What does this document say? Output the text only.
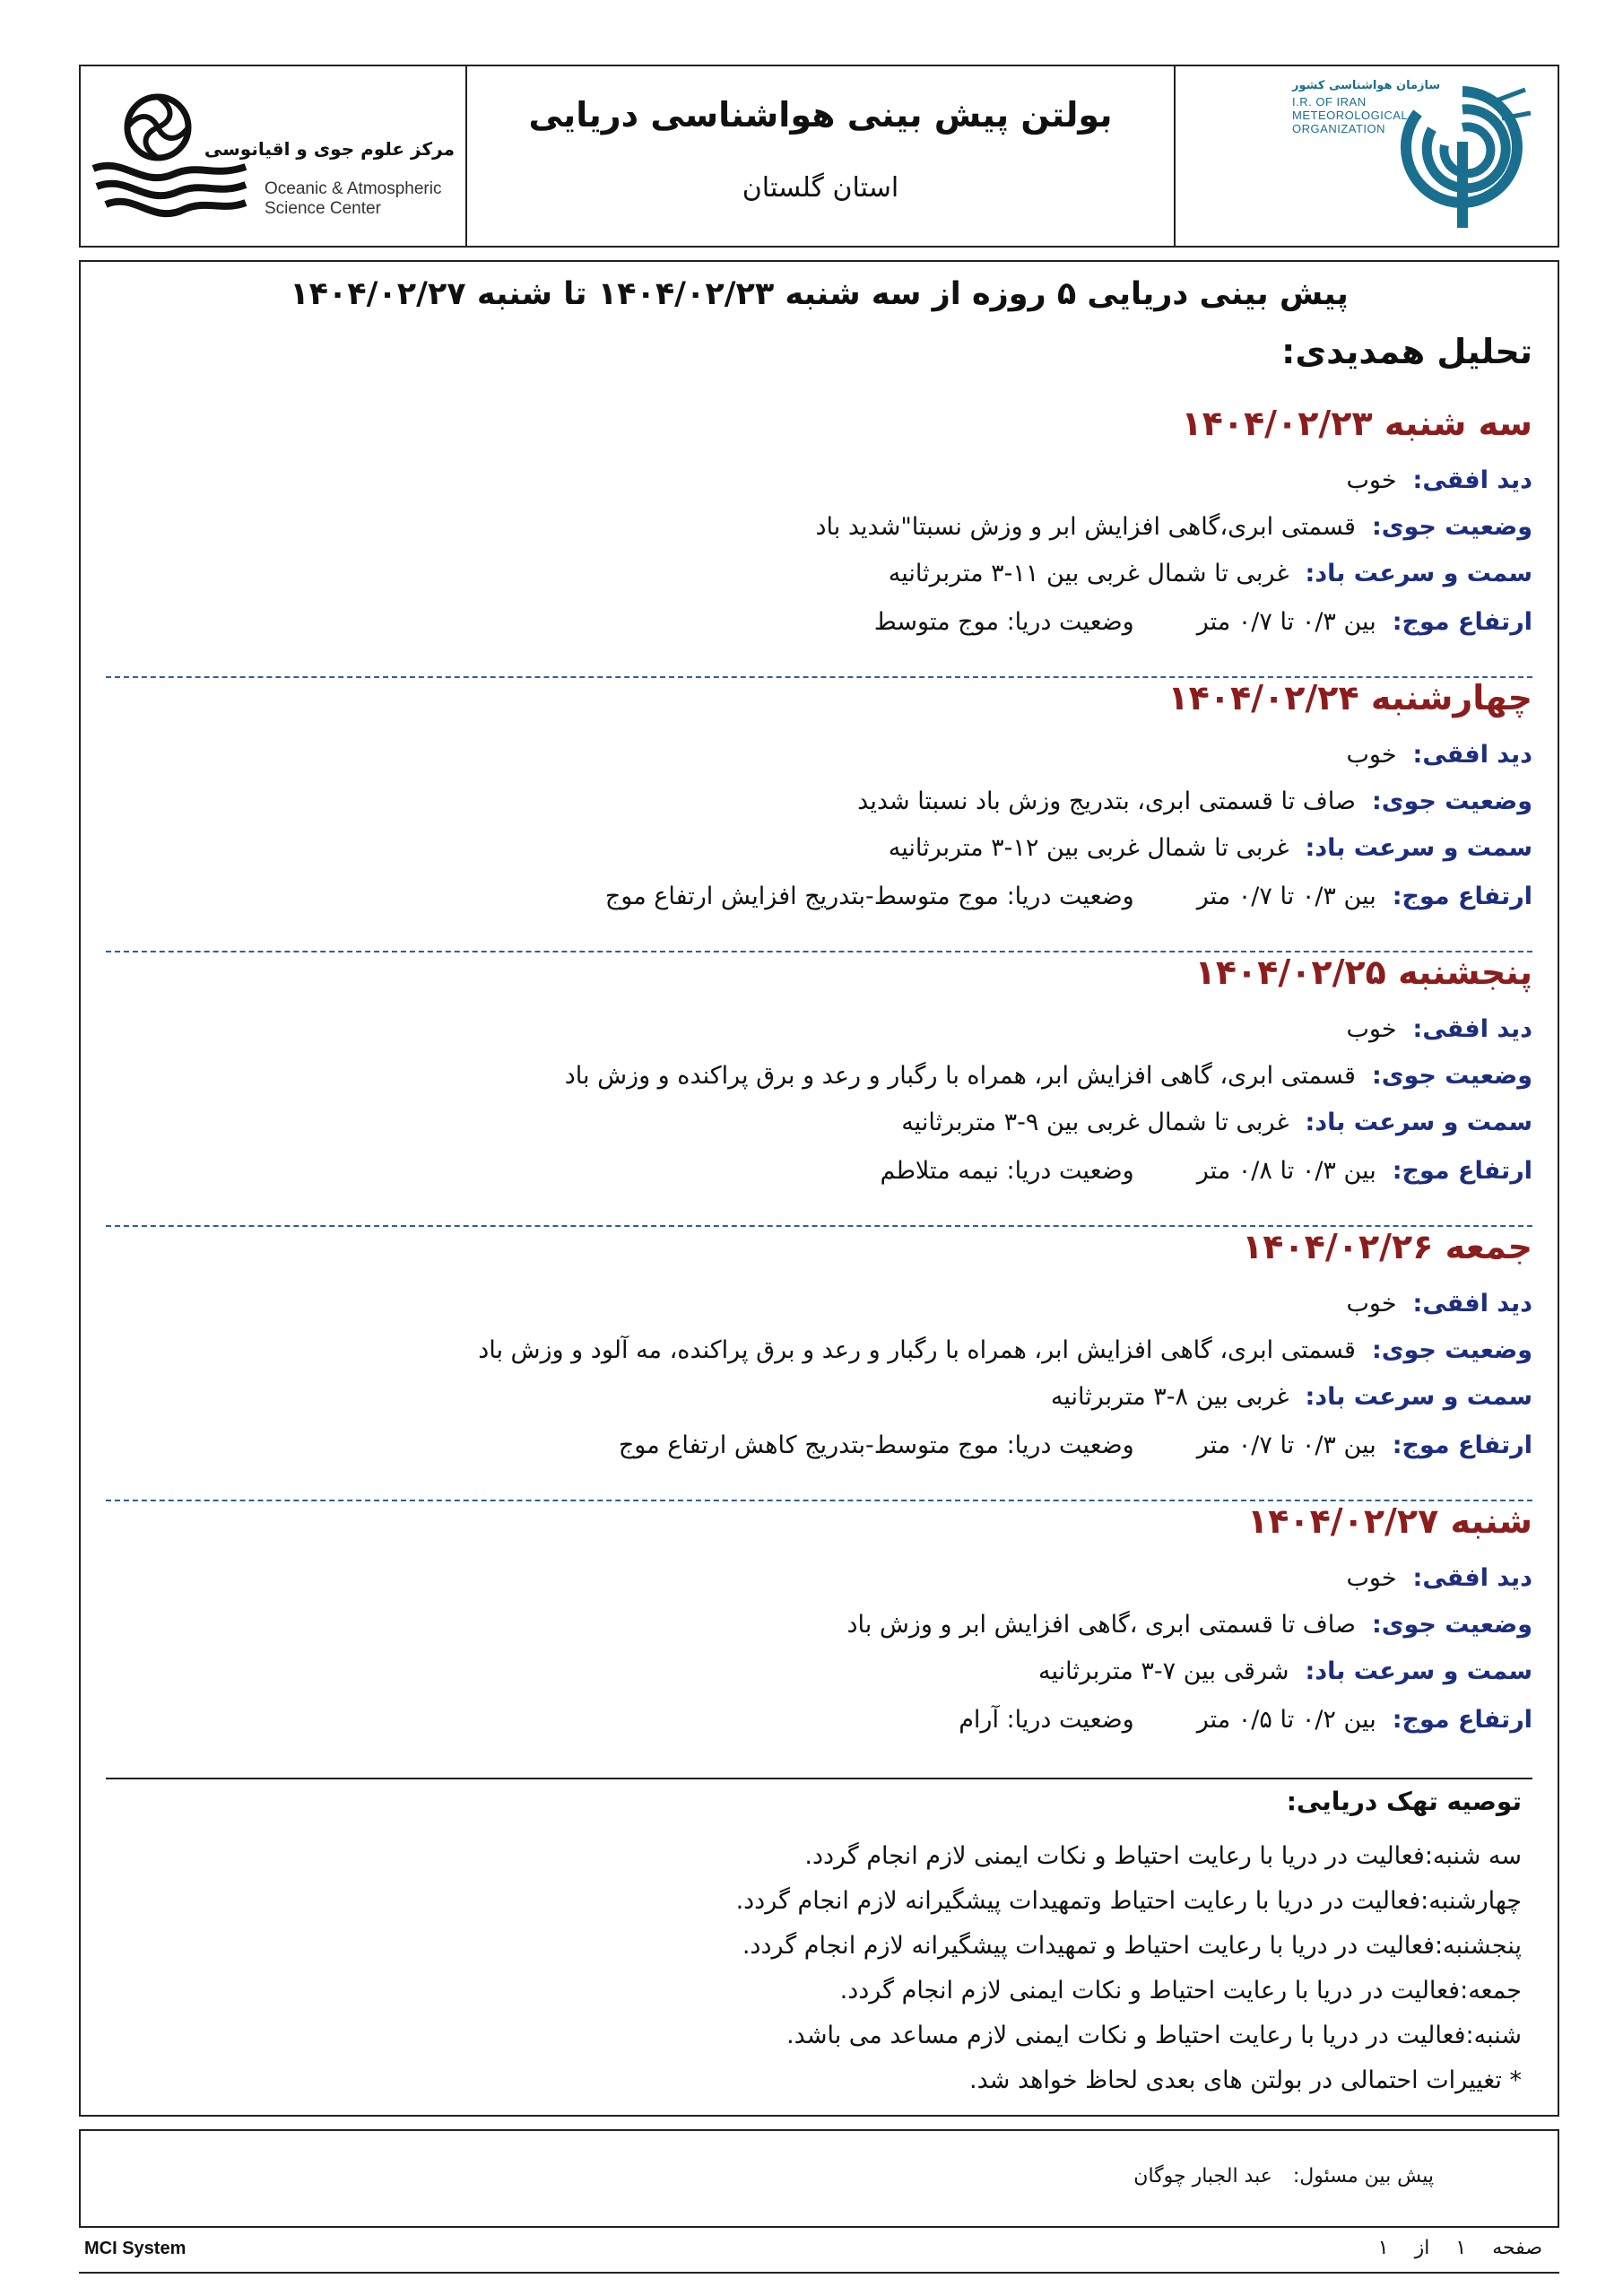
مرکز علوم جوی و اقیانوسی
Oceanic & Atmospheric
Science Center
بولتن پیش بینی هواشناسی دریایی
استان گلستان
سازمان هواشناسی کشور
I.R. OF IRAN
METEOROLOGICAL
ORGANIZATION
پیش بینی دریایی ۵ روزه از سه شنبه ۱۴۰۴/۰۲/۲۳ تا شنبه ۱۴۰۴/۰۲/۲۷
تحلیل همدیدی:
سه شنبه ۱۴۰۴/۰۲/۲۳
دید افقی:خوب
وضعیت جوی:قسمتی ابری،گاهی افزایش ابر و وزش نسبتا"شدید باد
سمت و سرعت باد:غربی تا شمال غربی بین ۱۱-۳ متربرثانیه
ارتفاع موج:بین ۰/۳ تا ۰/۷ متروضعیت دریا: موج متوسط
چهارشنبه ۱۴۰۴/۰۲/۲۴
دید افقی:خوب
وضعیت جوی:صاف تا قسمتی ابری، بتدریج وزش باد نسبتا شدید
سمت و سرعت باد:غربی تا شمال غربی بین ۱۲-۳ متربرثانیه
ارتفاع موج:بین ۰/۳ تا ۰/۷ متروضعیت دریا: موج متوسط-بتدریج افزایش ارتفاع موج
پنجشنبه ۱۴۰۴/۰۲/۲۵
دید افقی:خوب
وضعیت جوی:قسمتی ابری، گاهی افزایش ابر، همراه با رگبار و رعد و برق پراکنده و وزش باد
سمت و سرعت باد:غربی تا شمال غربی بین ۹-۳ متربرثانیه
ارتفاع موج:بین ۰/۳ تا ۰/۸ متروضعیت دریا: نیمه متلاطم
جمعه ۱۴۰۴/۰۲/۲۶
دید افقی:خوب
وضعیت جوی:قسمتی ابری، گاهی افزایش ابر، همراه با رگبار و رعد و برق پراکنده، مه آلود و وزش باد
سمت و سرعت باد:غربی بین ۸-۳ متربرثانیه
ارتفاع موج:بین ۰/۳ تا ۰/۷ متروضعیت دریا: موج متوسط-بتدریج کاهش ارتفاع موج
شنبه ۱۴۰۴/۰۲/۲۷
دید افقی:خوب
وضعیت جوی:صاف تا قسمتی ابری ،گاهی افزایش ابر و وزش باد
سمت و سرعت باد:شرقی بین ۷-۳ متربرثانیه
ارتفاع موج:بین ۰/۲ تا ۰/۵ متروضعیت دریا: آرام
توصیه تهک دریایی:
سه شنبه:فعالیت در دریا با رعایت احتیاط و نکات ایمنی لازم انجام گردد.
چهارشنبه:فعالیت در دریا با رعایت احتیاط وتمهیدات پیشگیرانه لازم انجام گردد.
پنجشنبه:فعالیت در دریا با رعایت احتیاط و تمهیدات پیشگیرانه لازم انجام گردد.
جمعه:فعالیت در دریا با رعایت احتیاط و نکات ایمنی لازم انجام گردد.
شنبه:فعالیت در دریا با رعایت احتیاط و نکات ایمنی لازم مساعد می باشد.
* تغییرات احتمالی در بولتن های بعدی لحاظ خواهد شد.
پیش بین مسئول: عبد الجبار چوگان
MCI System	صفحه ۱ از ۱
